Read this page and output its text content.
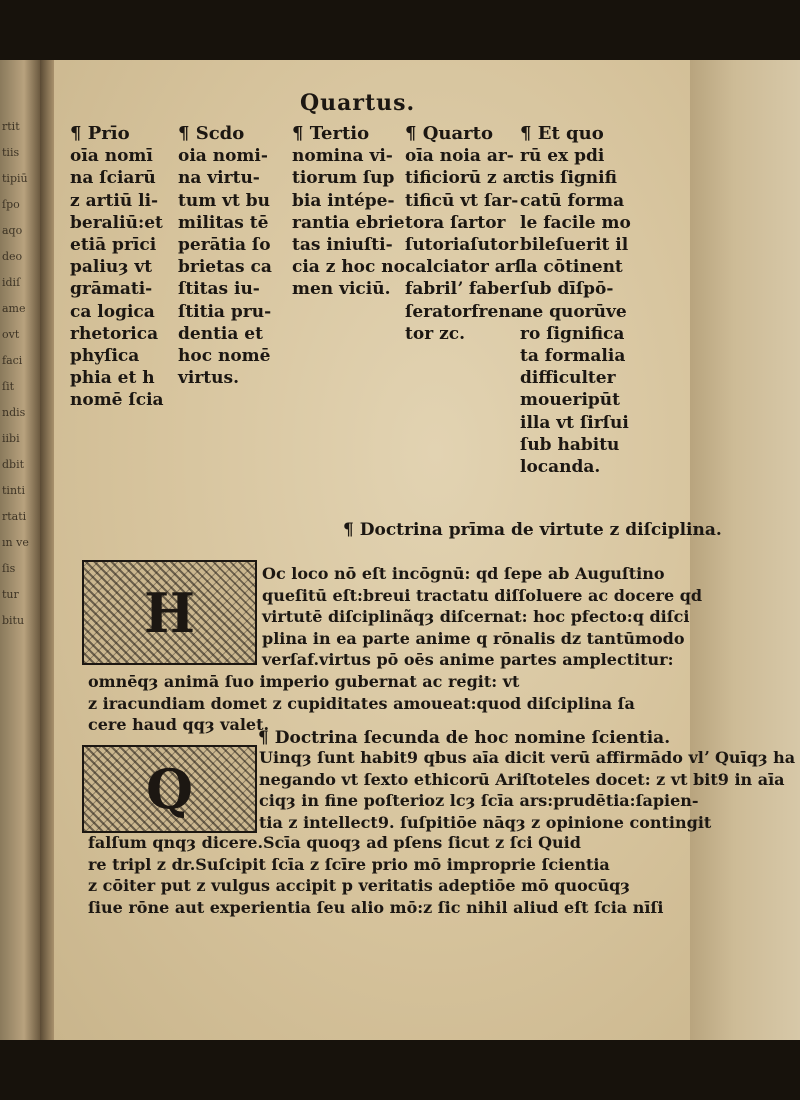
rtit
tiis
tipiū
ſpo
aqo
deo
idiſ
ame
ovt
faci
ſit
ndis
iibi
dbit
tinti
rtati
ın ve
ſis
tur
bitu
Quartus.
¶ Prīo
oīa nomī
na ſciarū
z artiū li-
beraliū:et
etiā prīci
paliuȝ vt
grāmati-
ca logica
rhetorica
phyſica
phia et h
nomē ſcia
¶ Scdo
oia nomi-
na virtu-
tum vt bu
militas tē
perātia ſo
brietas ca
ſtitas iu-
ſtitia pru-
dentia et
hoc nomē
virtus.
¶ Tertio
nomina vi-
tiorum ſup
bia intépe-
rantia ebrie
tas iniuſti-
cia z hoc no
men viciū.
¶ Quarto
oīa noia ar-
tificiorū z ar
tificū vt ſar-
tora ſartor
ſutoriaſutor
calciator arſ
fabrilʼ faber
ſeratorfrena
tor zc.
¶ Et quo
rū ex pdi
ctis ſignifi
catū forma
le facile mo
bileſuerit il
la cōtinent
ſub dīſpō-
ne quorūve
ro ſignifica
ta formalia
difficulter
moueripūt
illa vt ſirſui
ſub habitu
locanda.
¶ Doctrina prīma de virtute z diſciplina.
H
Oc loco nō eſt incōgnū: qd ſepe ab Auguſtino
queſitū eſt:breui tractatu diſſoluere ac docere qd
virtutē diſciplinãqȝ diſcernat: hoc pfecto:q diſci
plina in ea parte anime q rōnalis dz tantūmodo
verſaf.virtus pō oēs anime partes amplectitur:
omnēqȝ animā ſuo imperio gubernat ac regit: vt
z iracundiam domet z cupiditates amoueat:quod diſciplina ſa
cere haud qqȝ valet.
¶ Doctrina ſecunda de hoc nomine ſcientia.
Q	Uinqȝ ſunt habit9 qbus aīa dicit verū affirmādo vlʼ Quīqȝ ha
negando vt ſexto ethicorū Ariſtoteles docet: z vt bit9 in aīa
ciqȝ in fine poſterioz lcȝ ſcīa ars:prudētia:ſapien-
tia z intellect9. ſuſpitiōe nāqȝ z opinione contingit
falſum qnqȝ dicere.Scīa quoqȝ ad pſens ſicut z ſci Quid
re tripl z dr.Suſcipit ſcīa z ſcīre prio mō improprie ſcientia
z cōiter put z vulgus accipit p veritatis adeptiōe mō quocūqȝ
ſiue rōne aut experientia ſeu alio mō:z ſic nihil aliud eſt ſcia nīſi
